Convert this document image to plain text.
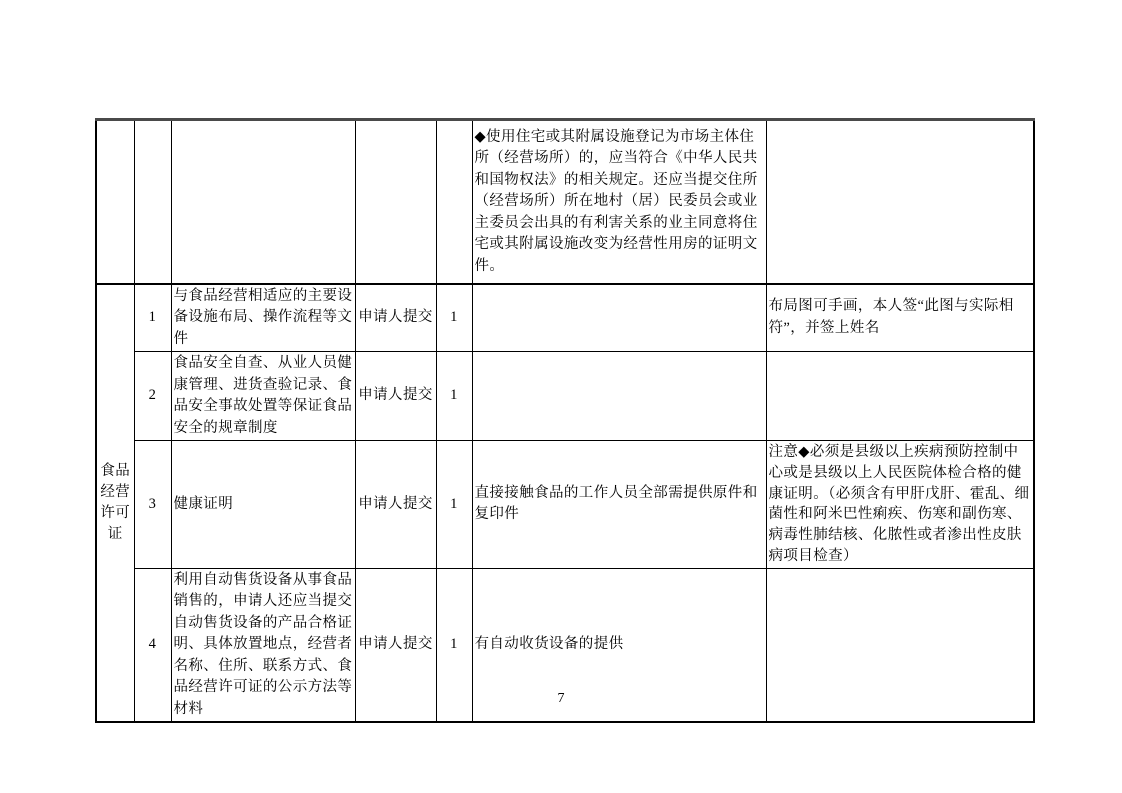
					◆使用住宅或其附属设施登记为市场主体住所（经营场所）的，应当符合《中华人民共和国物权法》的相关规定。还应当提交住所（经营场所）所在地村（居）民委员会或业主委员会出具的有利害关系的业主同意将住宅或其附属设施改变为经营性用房的证明文件。	

食品经营许可证	1	与食品经营相适应的主要设备设施布局、操作流程等文件	申请人提交	1		布局图可手画，本人签“此图与实际相符”，并签上姓名
	2	食品安全自查、从业人员健康管理、进货查验记录、食品安全事故处置等保证食品安全的规章制度	申请人提交	1		
	3	健康证明	申请人提交	1	直接接触食品的工作人员全部需提供原件和复印件	注意◆必须是县级以上疾病预防控制中心或是县级以上人民医院体检合格的健康证明。（必须含有甲肝戊肝、霍乱、细菌性和阿米巴性痢疾、伤寒和副伤寒、病毒性肺结核、化脓性或者渗出性皮肤病项目检查）
	4	利用自动售货设备从事食品销售的，申请人还应当提交自动售货设备的产品合格证明、具体放置地点，经营者名称、住所、联系方式、食品经营许可证的公示方法等材料	申请人提交	1	有自动收货设备的提供	
7
